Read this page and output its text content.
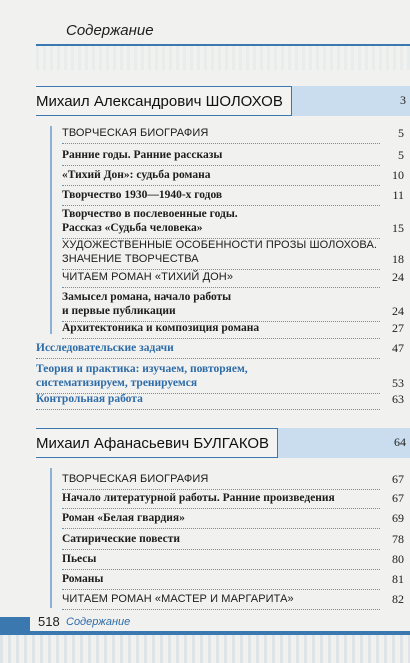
Содержание
Михаил Александрович ШОЛОХОВ	3
ТВОРЧЕСКАЯ БИОГРАФИЯ	5
Ранние годы. Ранние рассказы	5
«Тихий Дон»: судьба романа	10
Творчество 1930—1940-х годов	11
Творчество в послевоенные годы.
Рассказ «Судьба человека»	15
ХУДОЖЕСТВЕННЫЕ ОСОБЕННОСТИ ПРОЗЫ ШОЛОХОВА.
ЗНАЧЕНИЕ ТВОРЧЕСТВА	18
ЧИТАЕМ РОМАН «ТИХИЙ ДОН»	24
Замысел романа, начало работы
и первые публикации	24
Архитектоника и композиция романа	27
Исследовательские задачи	47
Теория и практика: изучаем, повторяем,
систематизируем, тренируемся	53
Контрольная работа	63
Михаил Афанасьевич БУЛГАКОВ	64
ТВОРЧЕСКАЯ БИОГРАФИЯ	67
Начало литературной работы. Ранние произведения	67
Роман «Белая гвардия»	69
Сатирические повести	78
Пьесы	80
Романы	81
ЧИТАЕМ РОМАН «МАСТЕР И МАРГАРИТА»	82
518 Содержание
